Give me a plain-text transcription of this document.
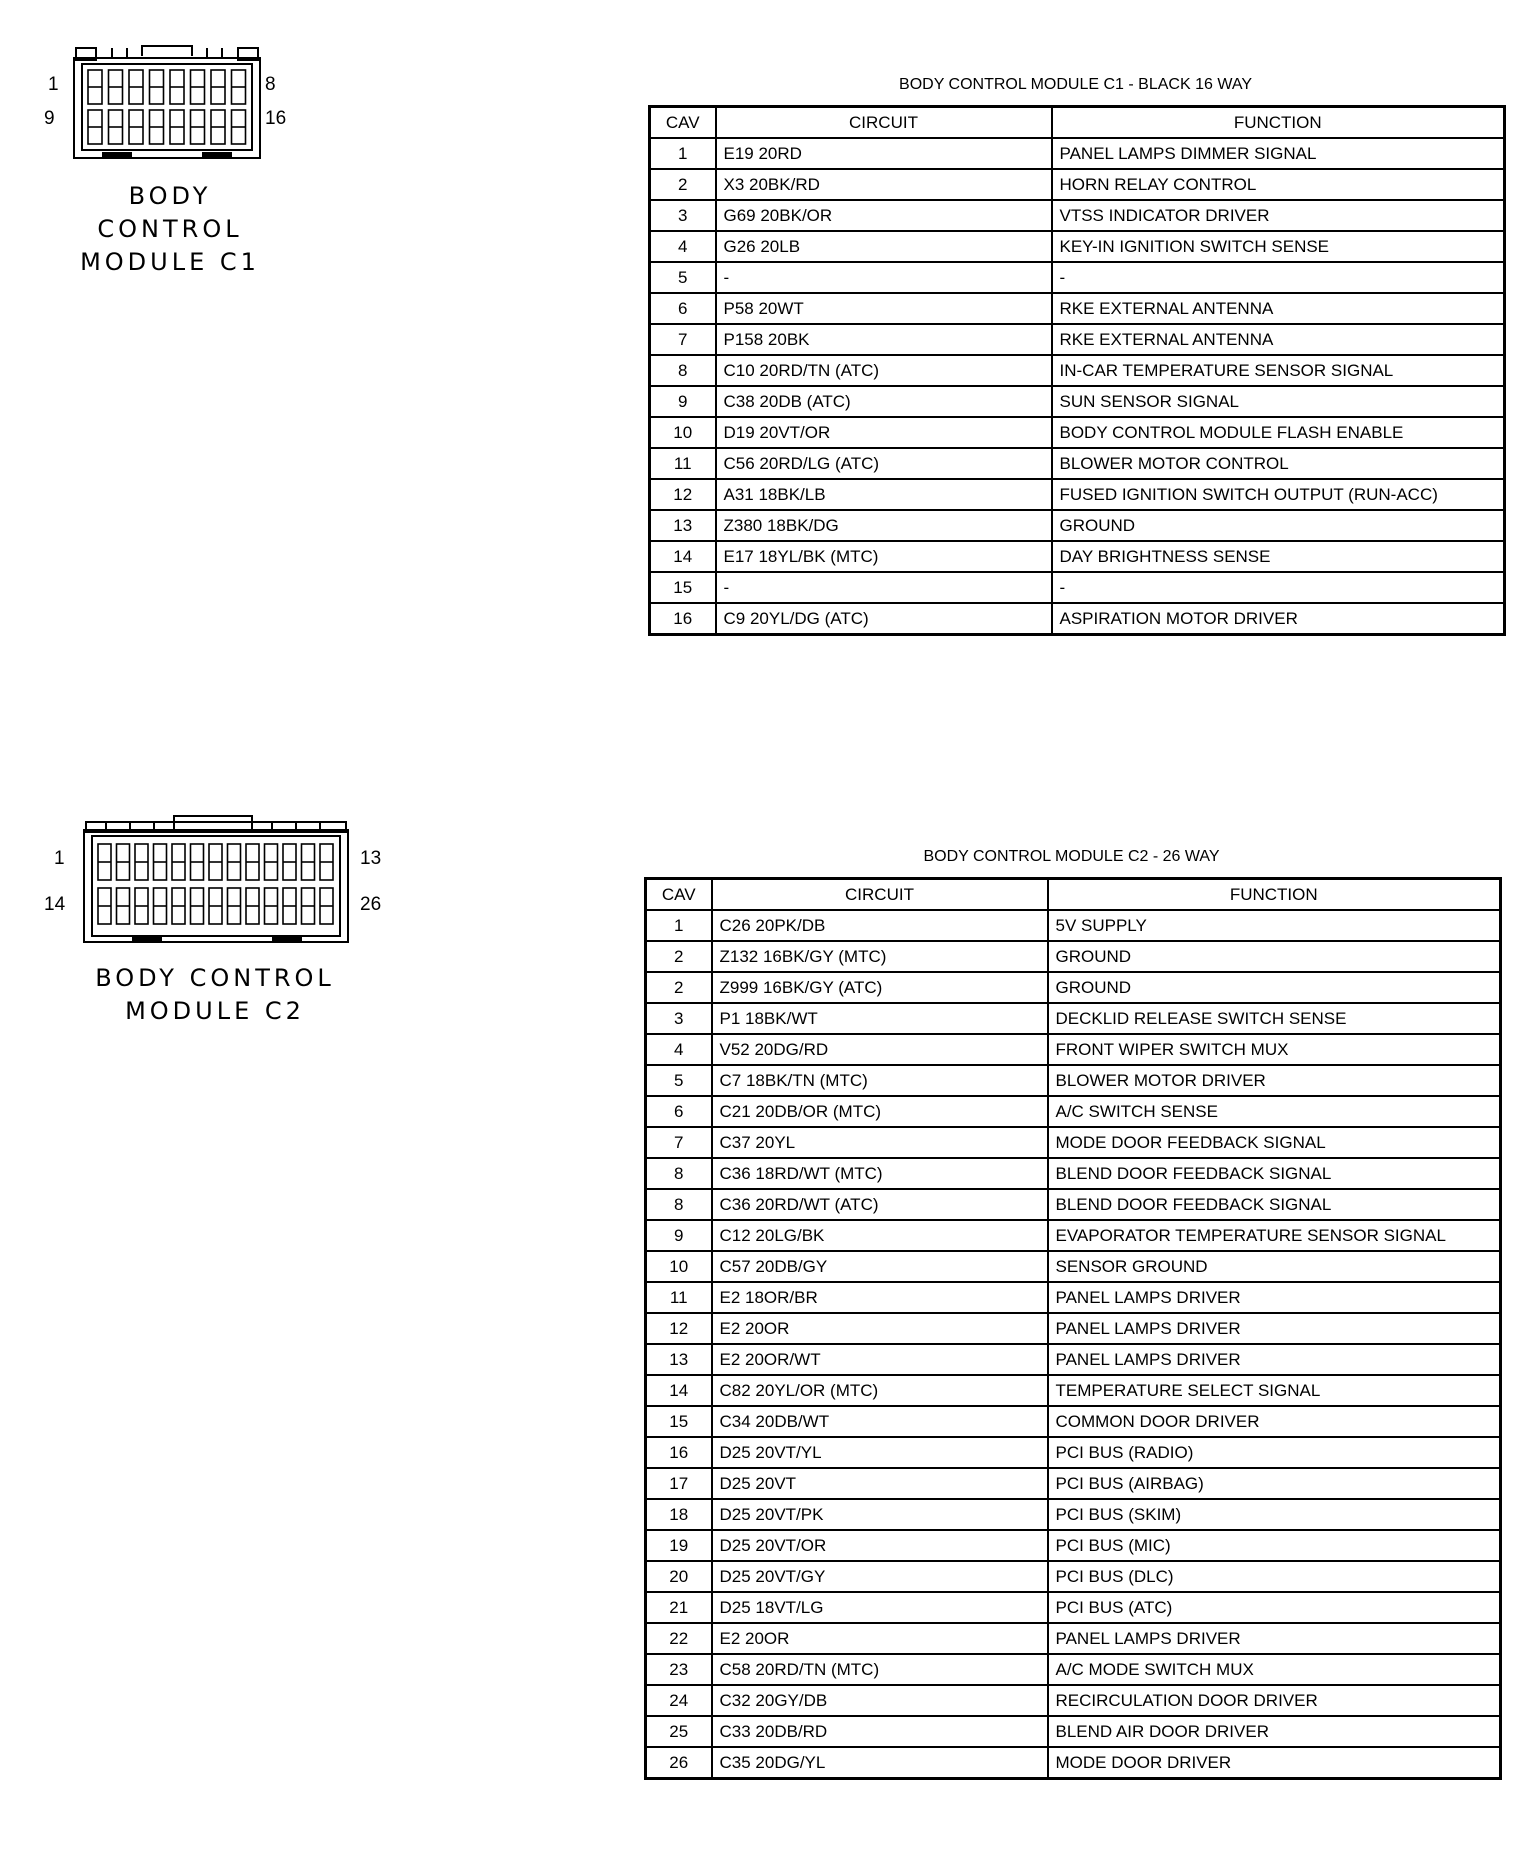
1	8
9	16
BODY
CONTROL
MODULE C1
BODY CONTROL MODULE C1 - BLACK 16 WAY
CAV	CIRCUIT	FUNCTION
1	E19 20RD	PANEL LAMPS DIMMER SIGNAL
2	X3 20BK/RD	HORN RELAY CONTROL
3	G69 20BK/OR	VTSS INDICATOR DRIVER
4	G26 20LB	KEY-IN IGNITION SWITCH SENSE
5	-	-
6	P58 20WT	RKE EXTERNAL ANTENNA
7	P158 20BK	RKE EXTERNAL ANTENNA
8	C10 20RD/TN (ATC)	IN-CAR TEMPERATURE SENSOR SIGNAL
9	C38 20DB (ATC)	SUN SENSOR SIGNAL
10	D19 20VT/OR	BODY CONTROL MODULE FLASH ENABLE
11	C56 20RD/LG (ATC)	BLOWER MOTOR CONTROL
12	A31 18BK/LB	FUSED IGNITION SWITCH OUTPUT (RUN-ACC)
13	Z380 18BK/DG	GROUND
14	E17 18YL/BK (MTC)	DAY BRIGHTNESS SENSE
15	-	-
16	C9 20YL/DG (ATC)	ASPIRATION MOTOR DRIVER
1	13
14	26
BODY CONTROL
MODULE C2
BODY CONTROL MODULE C2 - 26 WAY
CAV	CIRCUIT	FUNCTION
1	C26 20PK/DB	5V SUPPLY
2	Z132 16BK/GY (MTC)	GROUND
2	Z999 16BK/GY (ATC)	GROUND
3	P1 18BK/WT	DECKLID RELEASE SWITCH SENSE
4	V52 20DG/RD	FRONT WIPER SWITCH MUX
5	C7 18BK/TN (MTC)	BLOWER MOTOR DRIVER
6	C21 20DB/OR (MTC)	A/C SWITCH SENSE
7	C37 20YL	MODE DOOR FEEDBACK SIGNAL
8	C36 18RD/WT (MTC)	BLEND DOOR FEEDBACK SIGNAL
8	C36 20RD/WT (ATC)	BLEND DOOR FEEDBACK SIGNAL
9	C12 20LG/BK	EVAPORATOR TEMPERATURE SENSOR SIGNAL
10	C57 20DB/GY	SENSOR GROUND
11	E2 18OR/BR	PANEL LAMPS DRIVER
12	E2 20OR	PANEL LAMPS DRIVER
13	E2 20OR/WT	PANEL LAMPS DRIVER
14	C82 20YL/OR (MTC)	TEMPERATURE SELECT SIGNAL
15	C34 20DB/WT	COMMON DOOR DRIVER
16	D25 20VT/YL	PCI BUS (RADIO)
17	D25 20VT	PCI BUS (AIRBAG)
18	D25 20VT/PK	PCI BUS (SKIM)
19	D25 20VT/OR	PCI BUS (MIC)
20	D25 20VT/GY	PCI BUS (DLC)
21	D25 18VT/LG	PCI BUS (ATC)
22	E2 20OR	PANEL LAMPS DRIVER
23	C58 20RD/TN (MTC)	A/C MODE SWITCH MUX
24	C32 20GY/DB	RECIRCULATION DOOR DRIVER
25	C33 20DB/RD	BLEND AIR DOOR DRIVER
26	C35 20DG/YL	MODE DOOR DRIVER
